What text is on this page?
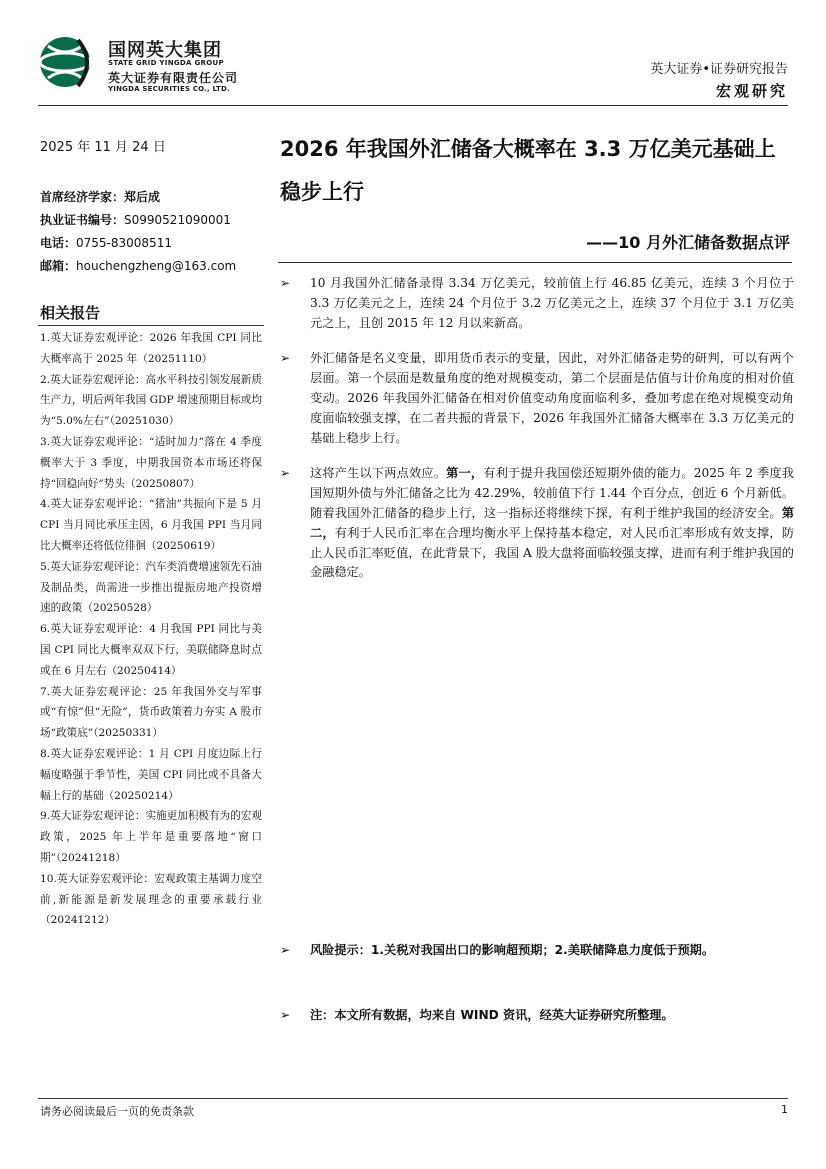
国网英大集团
STATE GRID YINGDA GROUP
英大证券有限责任公司
YINGDA SECURITIES CO., LTD.
英大证券•证券研究报告
宏观研究
2025 年 11 月 24 日
首席经济学家：郑后成
执业证书编号：S0990521090001
电话：0755-83008511
邮箱：houchengzheng@163.com
相关报告
1.英大证券宏观评论：2026 年我国 CPI 同比大概率高于 2025 年（20251110）
2.英大证券宏观评论：高水平科技引领发展新质生产力，明后两年我国 GDP 增速预期目标或均为“5.0%左右”（20251030）
3.英大证券宏观评论：“适时加力”落在 4 季度概率大于 3 季度，中期我国资本市场还将保持“回稳向好”势头（20250807）
4.英大证券宏观评论：“猪油”共振向下是 5 月 CPI 当月同比承压主因，6 月我国 PPI 当月同比大概率还将低位徘徊（20250619）
5.英大证券宏观评论：汽车类消费增速领先石油及制品类，尚需进一步推出提振房地产投资增速的政策（20250528）
6.英大证券宏观评论：4 月我国 PPI 同比与美国 CPI 同比大概率双双下行，美联储降息时点或在 6 月左右（20250414）
7.英大证券宏观评论：25 年我国外交与军事或“有惊”但“无险”，货币政策着力夯实 A 股市场“政策底”（20250331）
8.英大证券宏观评论：1 月 CPI 月度边际上行幅度略强于季节性，美国 CPI 同比或不具备大幅上行的基础（20250214）
9.英大证券宏观评论：实施更加积极有为的宏观政策，2025 年上半年是重要落地“窗口期”（20241218）
10.英大证券宏观评论：宏观政策主基调力度空前,新能源是新发展理念的重要承载行业（20241212）
2026 年我国外汇储备大概率在 3.3 万亿美元基础上稳步上行
——10 月外汇储备数据点评
➢ 10 月我国外汇储备录得 3.34 万亿美元，较前值上行 46.85 亿美元，连续 3 个月位于 3.3 万亿美元之上，连续 24 个月位于 3.2 万亿美元之上，连续 37 个月位于 3.1 万亿美元之上，且创 2015 年 12 月以来新高。
➢ 外汇储备是名义变量，即用货币表示的变量，因此，对外汇储备走势的研判，可以有两个层面。第一个层面是数量角度的绝对规模变动，第二个层面是估值与计价角度的相对价值变动。2026 年我国外汇储备在相对价值变动角度面临利多，叠加考虑在绝对规模变动角度面临较强支撑，在二者共振的背景下，2026 年我国外汇储备大概率在 3.3 万亿美元的基础上稳步上行。
➢ 这将产生以下两点效应。第一，有利于提升我国偿还短期外债的能力。2025 年 2 季度我国短期外债与外汇储备之比为 42.29%，较前值下行 1.44 个百分点，创近 6 个月新低。随着我国外汇储备的稳步上行，这一指标还将继续下探，有利于维护我国的经济安全。第二，有利于人民币汇率在合理均衡水平上保持基本稳定，对人民币汇率形成有效支撑，防止人民币汇率贬值，在此背景下，我国 A 股大盘将面临较强支撑，进而有利于维护我国的金融稳定。
➢ 风险提示：1.关税对我国出口的影响超预期；2.美联储降息力度低于预期。
➢ 注：本文所有数据，均来自 WIND 资讯，经英大证券研究所整理。
请务必阅读最后一页的免责条款	1
